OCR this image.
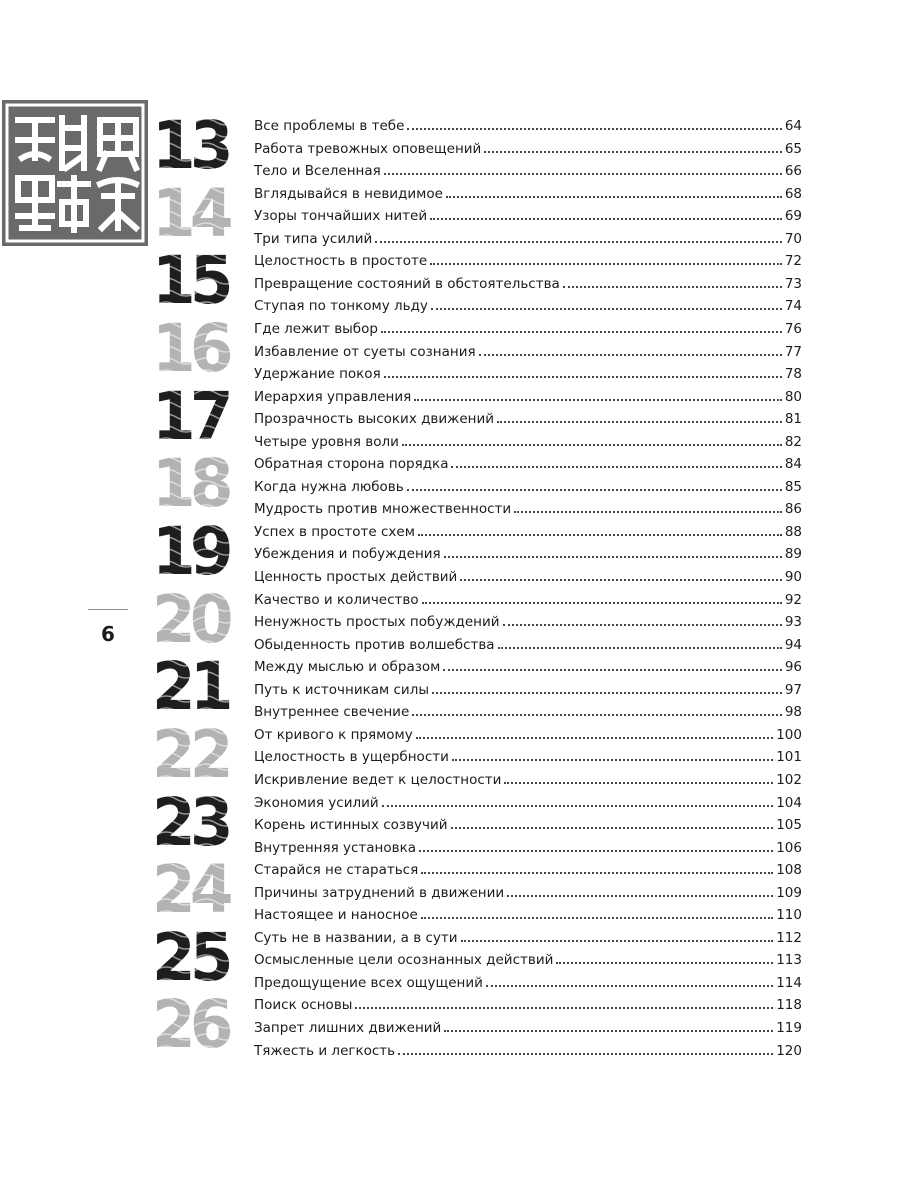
6
13
14
15
16
17
18
19
20
21
22
23
24
25
26
Все проблемы в тебе	64
Работа тревожных оповещений	65
Тело и Вселенная	66
Вглядывайся в невидимое	68
Узоры тончайших нитей	69
Три типа усилий	70
Целостность в простоте	72
Превращение состояний в обстоятельства	73
Ступая по тонкому льду	74
Где лежит выбор	76
Избавление от суеты сознания	77
Удержание покоя	78
Иерархия управления	80
Прозрачность высоких движений	81
Четыре уровня воли	82
Обратная сторона порядка	84
Когда нужна любовь	85
Мудрость против множественности	86
Успех в простоте схем	88
Убеждения и побуждения	89
Ценность простых действий	90
Качество и количество	92
Ненужность простых побуждений	93
Обыденность против волшебства	94
Между мыслью и образом	96
Путь к источникам силы	97
Внутреннее свечение	98
От кривого к прямому	100
Целостность в ущербности	101
Искривление ведет к целостности	102
Экономия усилий	104
Корень истинных созвучий	105
Внутренняя установка	106
Старайся не стараться	108
Причины затруднений в движении	109
Настоящее и наносное	110
Суть не в названии, а в сути	112
Осмысленные цели осознанных действий	113
Предощущение всех ощущений	114
Поиск основы	118
Запрет лишних движений	119
Тяжесть и легкость	120
